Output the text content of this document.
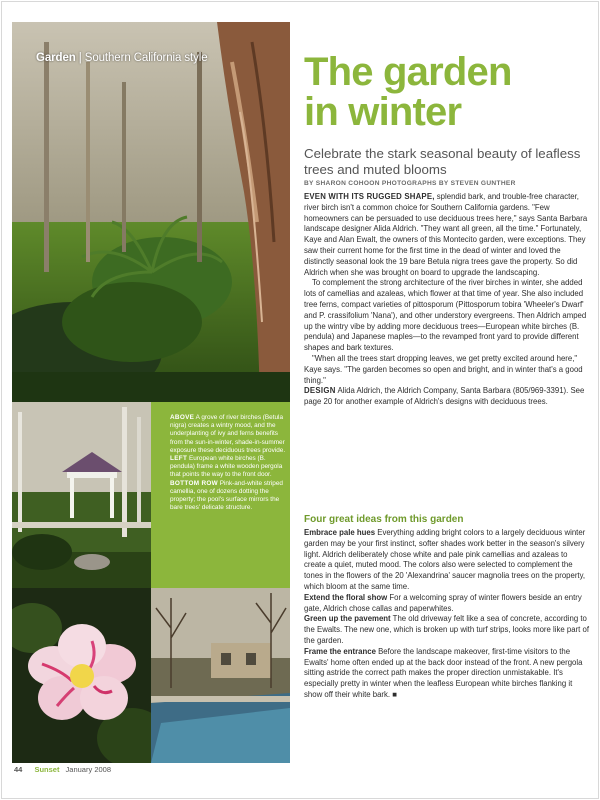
Garden | Southern California style
ABOVE A grove of river birches (Betula nigra) creates a wintry mood, and the underplanting of ivy and ferns benefits from the sun-in-winter, shade-in-summer exposure these deciduous trees provide. LEFT European white birches (B. pendula) frame a white wooden pergola that points the way to the front door. BOTTOM ROW Pink-and-white striped camellia, one of dozens dotting the property; the pool's surface mirrors the bare trees' delicate structure.
44 Sunset January 2008
The garden
in winter
Celebrate the stark seasonal beauty of leafless trees and muted blooms
BY SHARON COHOON PHOTOGRAPHS BY STEVEN GUNTHER

EVEN WITH ITS RUGGED SHAPE, splendid bark, and trouble-free character, river birch isn't a common choice for Southern California gardens. "Few homeowners can be persuaded to use deciduous trees here," says Santa Barbara landscape designer Alida Aldrich. "They want all green, all the time." Fortunately, Kaye and Alan Ewalt, the owners of this Montecito garden, were exceptions. They saw their current home for the first time in the dead of winter and loved the distinctly seasonal look the 19 bare Betula nigra trees gave the property. So did Aldrich when she was brought on board to upgrade the landscaping.

To complement the strong architecture of the river birches in winter, she added lots of camellias and azaleas, which flower at that time of year. She also included tree ferns, compact varieties of pittosporum (Pittosporum tobira 'Wheeler's Dwarf' and P. crassifolium 'Nana'), and other understory evergreens. Then Aldrich amped up the wintry vibe by adding more deciduous trees—European white birches (B. pendula) and Japanese maples—to the revamped front yard to provide different shapes and bark textures.

"When all the trees start dropping leaves, we get pretty excited around here," Kaye says. "The garden becomes so open and bright, and in winter that's a good thing."

DESIGN Alida Aldrich, the Aldrich Company, Santa Barbara (805/969-3391). See page 20 for another example of Aldrich's designs with deciduous trees.

Four great ideas from this garden

Embrace pale hues Everything adding bright colors to a largely deciduous winter garden may be your first instinct, softer shades work better in the season's silvery light. Aldrich deliberately chose white and pale pink camellias and azaleas to create a quiet, muted mood. The colors also were selected to complement the tones in the flowers of the 20 'Alexandrina' saucer magnolia trees on the property, which bloom at the same time.

Extend the floral show For a welcoming spray of winter flowers beside an entry gate, Aldrich chose callas and paperwhites.

Green up the pavement The old driveway felt like a sea of concrete, according to the Ewalts. The new one, which is broken up with turf strips, looks more like part of the garden.

Frame the entrance Before the landscape makeover, first-time visitors to the Ewalts' home often ended up at the back door instead of the front. A new pergola sitting astride the correct path makes the proper direction unmistakable. It's especially pretty in winter when the leafless European white birches flanking it show off their white bark. ■
